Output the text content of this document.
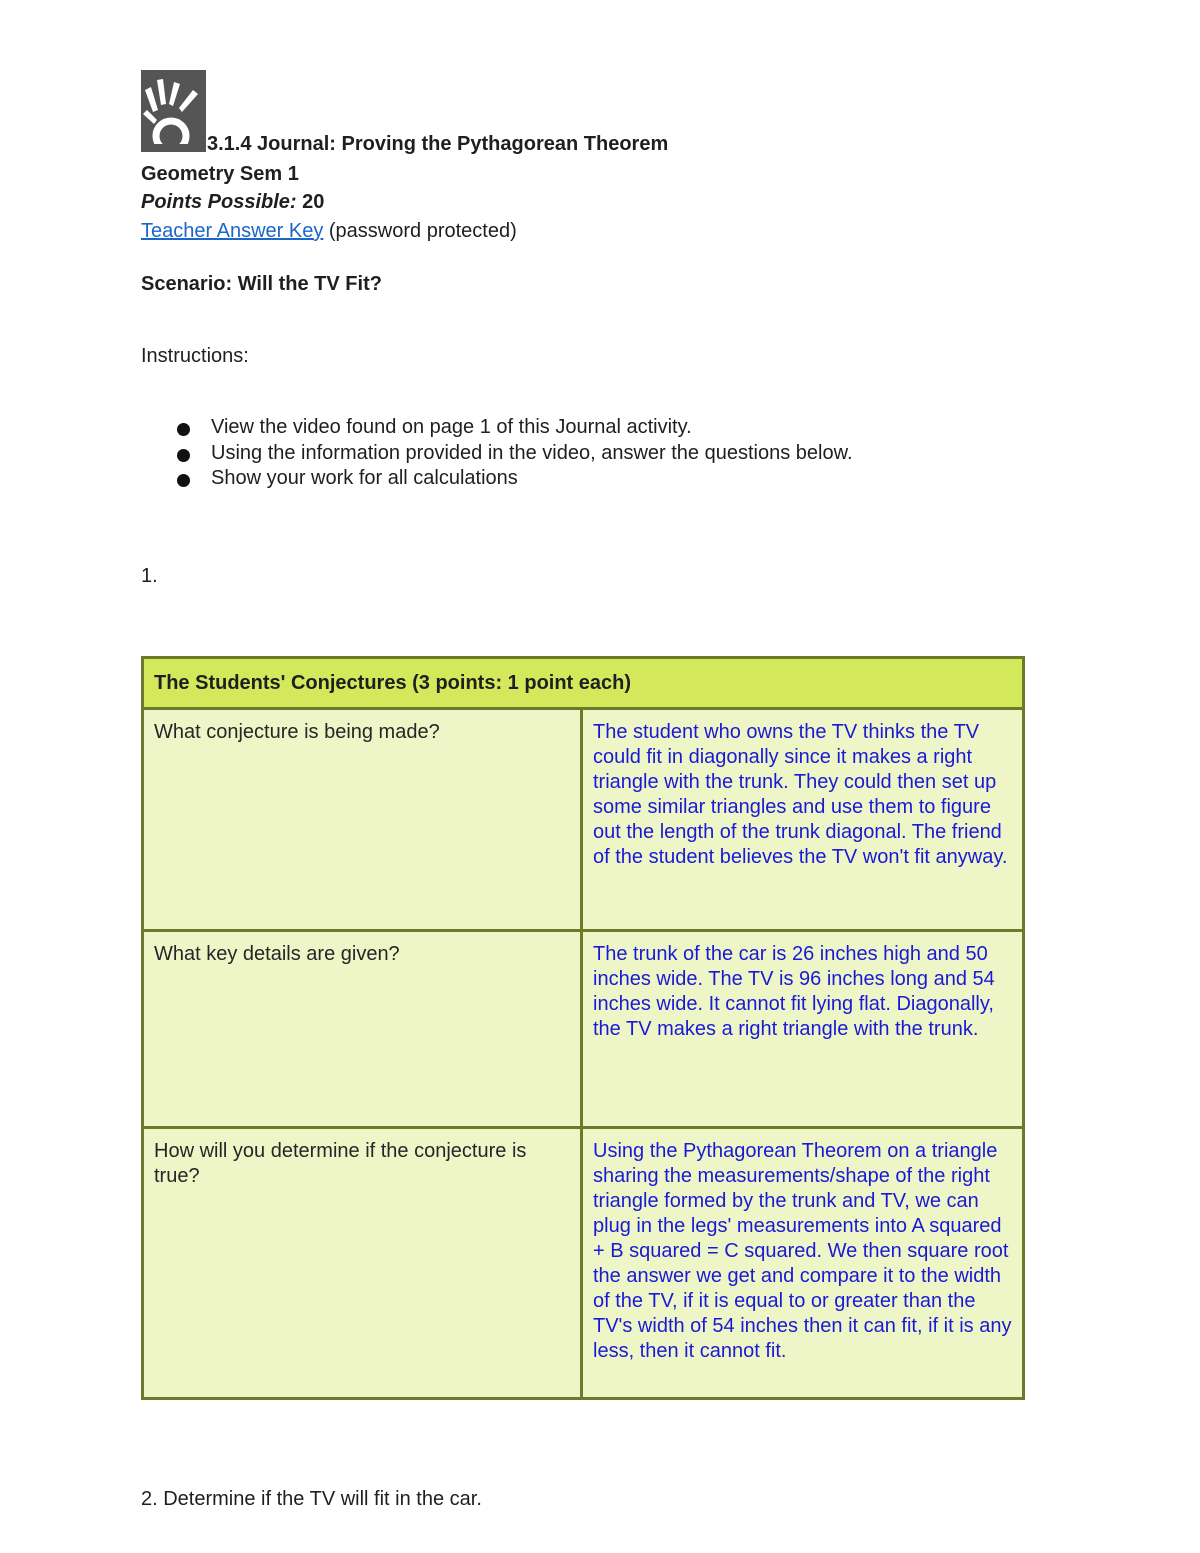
3.1.4 Journal: Proving the Pythagorean Theorem
Geometry Sem 1
Points Possible: 20
Teacher Answer Key (password protected)
Scenario: Will the TV Fit?
Instructions:
View the video found on page 1 of this Journal activity.
Using the information provided in the video, answer the questions below.
Show your work for all calculations
1.
The Students' Conjectures (3 points: 1 point each)	
What conjecture is being made?	The student who owns the TV thinks the TV could fit in diagonally since it makes a right triangle with the trunk. They could then set up some similar triangles and use them to figure out the length of the trunk diagonal. The friend of the student believes the TV won't fit anyway.
What key details are given?	The trunk of the car is 26 inches high and 50 inches wide. The TV is 96 inches long and 54 inches wide. It cannot fit lying flat. Diagonally, the TV makes a right triangle with the trunk.
How will you determine if the conjecture is true?	Using the Pythagorean Theorem on a triangle sharing the measurements/shape of the right triangle formed by the trunk and TV, we can plug in the legs' measurements into A squared + B squared = C squared. We then square root the answer we get and compare it to the width of the TV, if it is equal to or greater than the TV's width of 54 inches then it can fit, if it is any less, then it cannot fit.
2. Determine if the TV will fit in the car.
